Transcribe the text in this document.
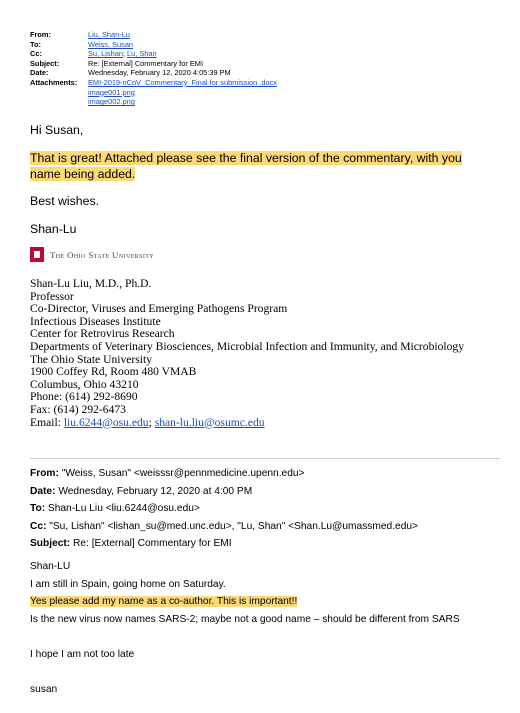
From:	Liu, Shan-Lu
To:	Weiss, Susan
Cc:	Su, Lishan; Lu, Shan
Subject:	Re: [External] Commentary for EMI
Date:	Wednesday, February 12, 2020 4:05:39 PM
Attachments:	EMI-2019-nCoV_Commentary_Final for submission .docx
image001.png
image002.png

Hi Susan,

That is great! Attached please see the final version of the commentary, with you
name being added.

Best wishes.

Shan-Lu

The Ohio State University
Shan-Lu Liu, M.D., Ph.D.
Professor
Co-Director, Viruses and Emerging Pathogens Program
Infectious Diseases Institute
Center for Retrovirus Research
Departments of Veterinary Biosciences, Microbial Infection and Immunity, and Microbiology
The Ohio State University
1900 Coffey Rd, Room 480 VMAB
Columbus, Ohio 43210
Phone: (614) 292-8690
Fax: (614) 292-6473
Email: liu.6244@osu.edu; shan-lu.liu@osumc.edu
From: "Weiss, Susan" <weisssr@pennmedicine.upenn.edu>
Date: Wednesday, February 12, 2020 at 4:00 PM
To: Shan-Lu Liu <liu.6244@osu.edu>
Cc: "Su, Lishan" <lishan_su@med.unc.edu>, "Lu, Shan" <Shan.Lu@umassmed.edu>
Subject: Re: [External] Commentary for EMI
Shan-LU
I am still in Spain, going home on Saturday.
Yes please add my name as a co-author. This is important!!
Is the new virus now names SARS-2; maybe not a good name – should be different from SARS
I hope I am not too late
susan
